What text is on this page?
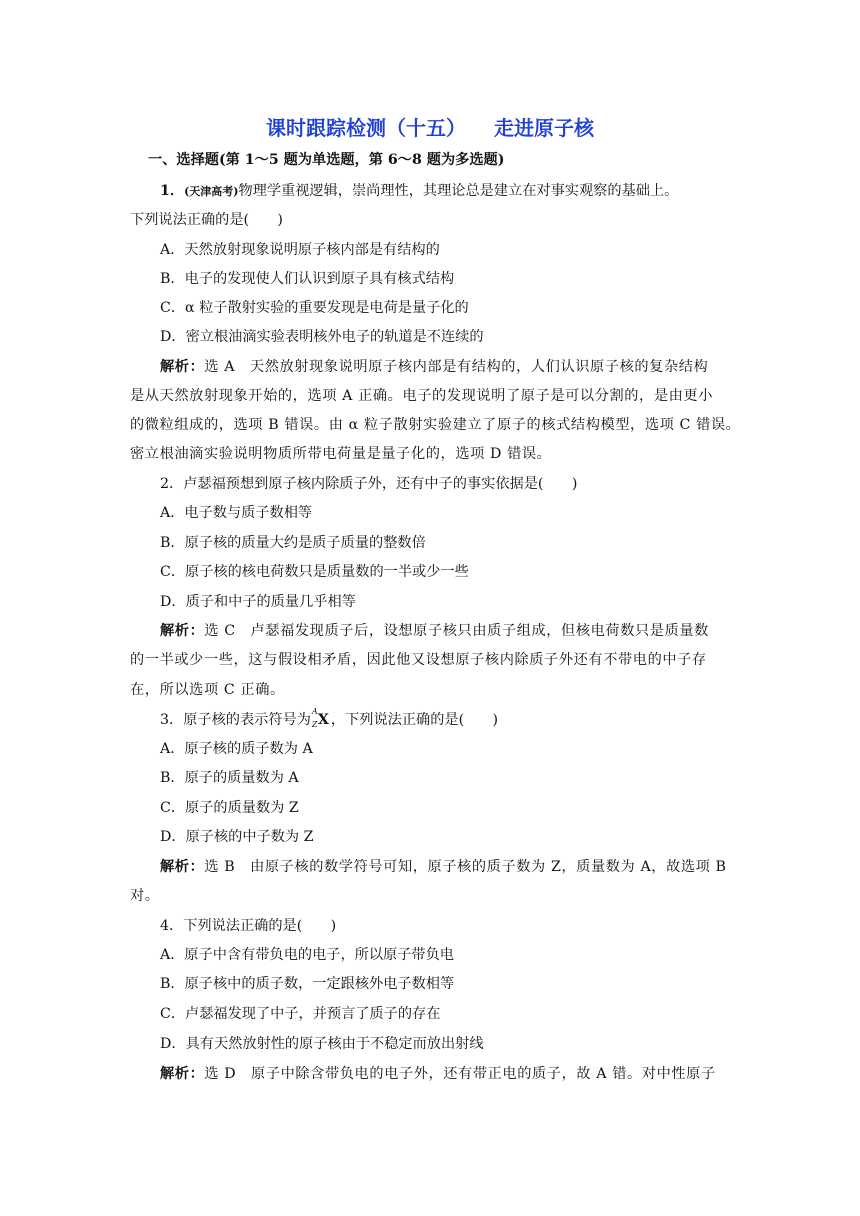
课时跟踪检测（十五） 走进原子核
一、选择题(第 1～5 题为单选题，第 6～8 题为多选题)
1．(天津高考)物理学重视逻辑，崇尚理性，其理论总是建立在对事实观察的基础上。
下列说法正确的是(　　)
A．天然放射现象说明原子核内部是有结构的
B．电子的发现使人们认识到原子具有核式结构
C．α 粒子散射实验的重要发现是电荷是量子化的
D．密立根油滴实验表明核外电子的轨道是不连续的
解析：选 A　天然放射现象说明原子核内部是有结构的，人们认识原子核的复杂结构
是从天然放射现象开始的，选项 A 正确。电子的发现说明了原子是可以分割的，是由更小
的微粒组成的，选项 B 错误。由 α 粒子散射实验建立了原子的核式结构模型，选项 C 错误。
密立根油滴实验说明物质所带电荷量是量子化的，选项 D 错误。
2．卢瑟福预想到原子核内除质子外，还有中子的事实依据是(　　)
A．电子数与质子数相等
B．原子核的质量大约是质子质量的整数倍
C．原子核的核电荷数只是质量数的一半或少一些
D．质子和中子的质量几乎相等
解析：选 C　卢瑟福发现质子后，设想原子核只由质子组成，但核电荷数只是质量数
的一半或少一些，这与假设相矛盾，因此他又设想原子核内除质子外还有不带电的中子存
在，所以选项 C 正确。
3．原子核的表示符号为
A
Z X ，下列说法正确的是(　　)
A．原子核的质子数为 A
B．原子的质量数为 A
C．原子的质量数为 Z
D．原子核的中子数为 Z
解析：选 B　由原子核的数学符号可知，原子核的质子数为 Z，质量数为 A，故选项 B
对。
4．下列说法正确的是(　　)
A．原子中含有带负电的电子，所以原子带负电
B．原子核中的质子数，一定跟核外电子数相等
C．卢瑟福发现了中子，并预言了质子的存在
D．具有天然放射性的原子核由于不稳定而放出射线
解析：选 D　原子中除含带负电的电子外，还有带正电的质子，故 A 错。对中性原子
